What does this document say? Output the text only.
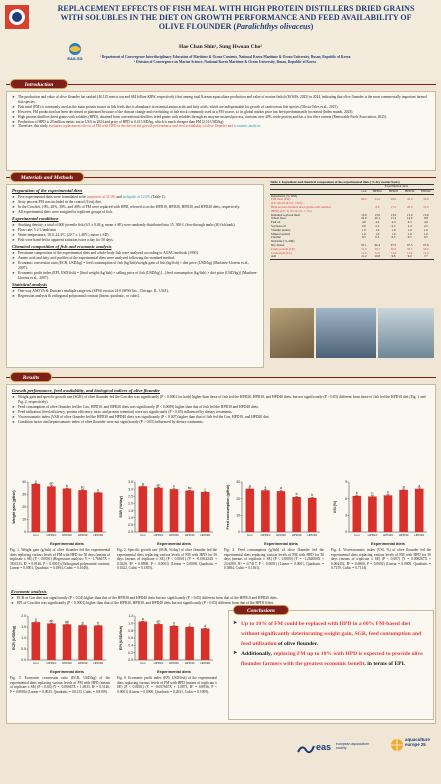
REPLACEMENT EFFECTS OF FISH MEAL WITH HIGH PROTEIN DISTILLERS DRIED GRAINS
WITH SOLUBLES IN THE DIET ON GROWTH PERFORMANCE AND FEED AVAILABILITY OF
OLIVE FLOUNDER (Paralichthys olivaceus)
EAS-SG
Hae Chan Shin¹, Sung Hwoan Cho²
¹ Department of Convergence Interdisciplinary Education of Maritime & Ocean Contents, National Korea Maritime & Ocean University, Busan, Republic of Korea
² Division of Convergence on Marine Science, National Korea Maritime & Ocean University, Busan, Republic of Korea
Introduction
➤ The production and value of olive flounder has ranked (40,125 metric ton and 684 billion KRW, respectively) first among total Korean aquaculture production and value of marine finfish (KOSIS, 2025) in 2024, indicating that olive flounder is the most commercially important farmed fish species.
➤ Fish meal (FM) is commonly used as the main protein source in fish feeds due to abundance in essential amino acids and fatty acids, which are indispensable for growth of carnivorous fish species (Olivia-Teles et al., 2015).
➤ However, FM production has been decreased or plateaued because of the climate change and overfishing of fish stock commonly used as a FM source, so its global market price has been predominantly increased (Index mundi, 2025).
➤ High protein distillers dried grains with solubles (HPD), obtained from conventional distillers dried grains with solubles through an enzyme-assisted process, contains over 40% crude protein and has a low fiber content (Renewable Fuels Association, 2025).
➤ Production of HPD is 29 million metric ton in USA in 2024 and price of HPD is 0.41 USD/kg, which is much cheaper than FM (2.16 USD/kg).
➤ Therefore, this study evaluates replacement effects of FM with HPD in the diet on the growth performance and feed availability of olive flounder and economic analysis.
Materials and Methods
Preparation of the experimental diets
➤ Five experimental diets were formulated to be isoproteic at 51.0% and isolipidic at 12.0% (Table 1).
➤ Sixty percent FM was included in the control (Con) diet.
➤ In the Con diet, 10%, 20%, 30%, and 40% of FM were replaced with HPD, referred to as the HPD10, HPD20, HPD30, and HPD40 diets, respectively.
➤ All experimental diets were assigned to triplicate groups of fish.
Experimental conditions
➤ Stocking density: a total of 600 juvenile fish (6.5 ± 0.04 g; mean ± SE) were randomly distributed into 15, 300-L flow-through tanks (40 fish/tank).
➤ Flow rate; 5.2 L/tank/min
➤ Water temperature; 18.0–24.4°C (20.7 ± 1.48°C; mean ± SD)
➤ Fish were hand-fed to apparent satiation twice a day for 50 days.
Chemical composition of fish and economic analysis
➤ Proximate composition of the experimental diets and whole-body fish were analyzed according to AOAC methods (1990).
➤ Amino acid and fatty acid profiles of the experimental diets were analyzed following the standard method.
➤ Economic conversion ratio (ECR, USD/kg) = feed consumption of fish (kg/fish)/weight gain of fish (kg/fish) × diet price (USD/kg) (Martínez-Llorens et al., 2007).
➤ Economic profit index (EPI, USD/fish) = [final weight (kg/fish) × selling price of fish (USD/kg)] – [feed consumption (kg/fish) × diet price (USD/kg)] (Martínez-Llorens et al., 2007).
Statistical analysis
➤ One-way ANOVA & Duncan's multiple range test (SPSS version 24.0 (SPSS Inc., Chicago, IL, USA).
➤ Regression analysis & orthogonal polynomial contrast (linear, quadratic, or cubic).
Table 1. Ingredient and chemical composition of the experimental diets (% dry matter basis)
	Experimental diets				
	Con	HPD10	HPD20	HPD30	HPD40
Ingredients (%, DM)					
Fish meal (FM)	60.0	54.0	48.0	42.0	36.0
(CP: 69.4% & CL: 7.8%)					
High protein distillers dried grains with solubles		8.6	17.0	26.0	35.2
(HPD) (CP: 51.9% & CL: 7.1%)					
Dehulled soybean meal	13.0	13.0	13.0	13.0	13.0
Wheat flour	22.0	20.1	17.2	14.0	9.8
Fish oil	4.0	4.2	4.3	4.5	4.6
Soybean oil	2.0	2.2	2.3	2.4	2.5
Vitamin premix	1.0	1.0	1.0	1.0	1.0
Mineral premix	1.0	1.0	1.0	1.0	1.0
Choline	0.5	0.5	0.5	0.5	0.5
Nutrients (%, DM)					
Dry matter	97.1	96.4	97.5	97.5	97.6
Crude protein (CP)	51.0	50.7	50.9	50.7	50.9
Crude lipid (CL)	11.9	11.9	12.0	11.9	12.0
Ash	11.2	10.8	9.8	9.0	7.7
Results
Growth performance, feed availability, and biological indices of olive flounder
➤ Weight gain and specific growth rate (SGR) of olive flounder fed the Con diet was significantly (P < 0.0001 for both) higher than those of fish fed the HPD20, HPD30, and HPD40 diets, but not significantly (P > 0.05) different from those of fish fed the HPD10 diet (Fig. 1 and Fig. 2, respectively).
➤ Feed consumption of olive flounder fed the Con, HPD10, and HPD20 diets was significantly (P < 0.0009) higher than that of fish fed the HPD30 and HPD40 diets.
➤ Feed utilization (feed efficiency, protein efficiency ratio, and protein retention) were not significantly (P > 0.05) influenced by dietary treatments.
➤ Viscerosomatic index (VSI) of olive flounder fed the HPD30 and HPD40 diets was significantly (P < 0.007) higher than that of fish fed the Con, HPD10, and HPD20 diet.
➤ Condition factor and hepatosomatic index of olive flounder were not significantly (P > 0.05) influenced by dietary treatments.
0
10
20
30
40
Weight gain (g/fish)
Experimental diets
a
Con
ab
HPD10
b
HPD20
bc
HPD30
c
HPD40
0.0
0.5
1.0
1.5
2.0
2.5
3.0
3.5
SGR (%/day)
Experimental diets
a
Con
ab
HPD10
b
HPD20
bc
HPD30
c
HPD40
0
10
20
30
Feed consumption (g/fish)
Experimental diets
a
Con
a
HPD10
a
HPD20
b
HPD30
b
HPD40
0
3
6
9
VSI (%)
Experimental diets
b
Con
b
HPD10
b
HPD20
a
HPD30
a
HPD40
Fig. 1. Weight gain (g/fish) of olive flounder fed the experimental diets replacing various levels of FM with HPD for 50 days (means of triplicate ± SE) (P < 0.0001) (Regression analysis; Y = -1.76667X + 38.6333, R² = 0.8146, P < 0.0001) (Orthogonal polynomial contrast; Linear = 0.0001, Quadratic = 0.1894, Cubic = 0.1040).
Fig. 2. Specific growth rate (SGR, %/day) of olive flounder fed the experimental diets replacing various levels of FM with HPD for 50 days (means of triplicate ± SE) (P < 0.0001) (Y = -0.001224X + 0.0320, R² = 0.8808, P < 0.0001) (Linear = 0.0008, Quadratic = 0.1622, Cubic = 0.1855).
Fig. 3. Feed consumption (g/fish) of olive flounder fed the experimental diets replacing various levels of FM with HPD for 50 days (means of triplicate ± SE) (P < 0.0009) (Y = -1.262000X + 23.6580, R² = 0.7417, P < 0.0001) (Linear = 0.0001, Quadratic = 0.3884, Cubic = 0.1561).
Fig. 4. Viscerosomatic index (VSI, %) of olive flounder fed the experimental diets replacing various levels of FM with HPD for 50 days (means of triplicate ± SE) (P < 0.007) (Y = 0.000267X + 0.064452, R² = 0.6900, P = 0.0002) (Linear = 0.0005, Quadratic = 0.7139, Cubic = 0.7114).
Economic analysis
➤ ECR of Con diet was significantly (P < 0.04) higher than that of the HPD30 and HPD40 diets but not significantly (P > 0.05) different from that of the HPD10 and HPD20 diets.
➤ EPI of Con diet was significantly (P < 0.0001) higher than that of the HPD20, HPD30, and HPD40 diets but not significantly (P > 0.05) different from that of the HPD10 diet.
0.0
0.5
1.0
1.5
2.0
ECR (USD/kg)
Experimental diets
a
Con
ab
HPD10
ab
HPD20
b
HPD30
b
HPD40
0.0
0.2
0.4
0.6
0.8
1.0
1.2
EPI (USD/fish)
Experimental diets
a
Con
ab
HPD10
b
HPD20
c
HPD30
d
HPD40
Fig. 5. Economic conversion ratio (ECR, USD/kg) of the experimental diets replacing various levels of FM with HPD (means of triplicate ± SE) (P < 0.04) (Y = -0.06667X + 1.6933, R² = 0.5146, P = 0.0006) (Linear = 0.0025, Quadratic = 0.0233, Cubic = 0.8199).
Fig. 6. Economic profit index (EPI, USD/fish) of the experimental diets replacing various levels of FM with HPD (means of triplicate ± SE) (P < 0.0001) (Y = -0.057667X + 1.0873, R² = 0.8936, P < 0.0001) (Linear = 0.0000, Quadratic = 0.2631, Cubic = 0.1909).
Conclusions
➤ Up to 10% of FM could be replaced with HPD in a 60% FM-based diet without significantly deteriorating weight gain, SGR, feed consumption and feed utilization of olive flounder.
➤ Additionally, replacing FM up to 10% with HPD is expected to provide olive flounder farmers with the greatest economic benefit, in terms of EPI.
eas european aquaculture society
aquaculture europe 25
